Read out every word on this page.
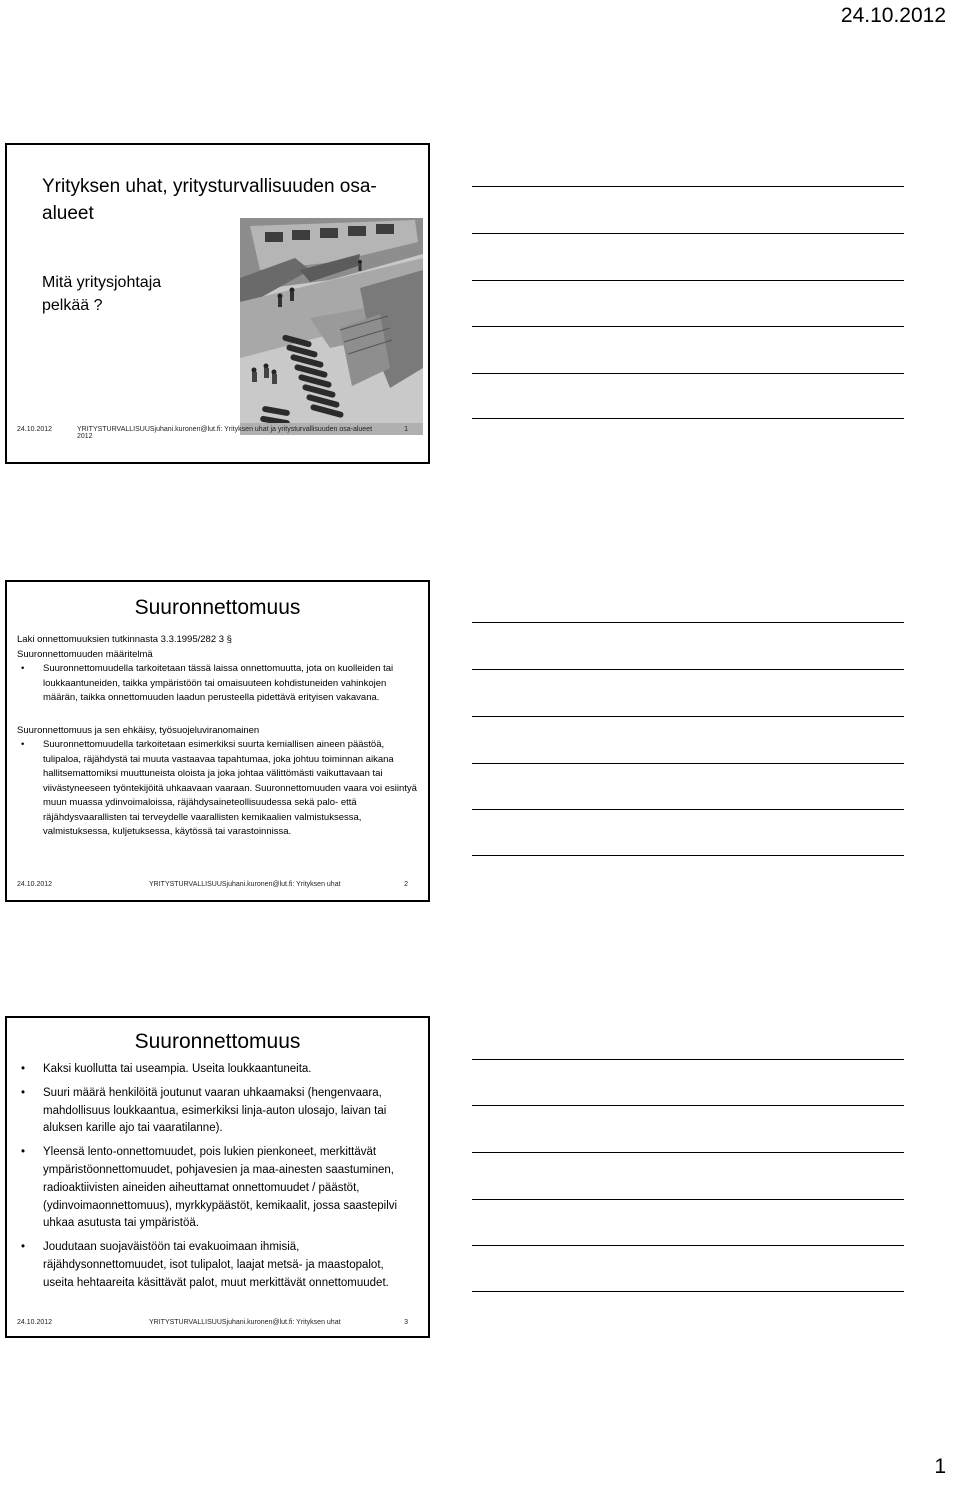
24.10.2012
Yrityksen uhat, yritysturvallisuuden osa-alueet
Mitä yritysjohtaja pelkää ?
24.10.2012	YRITYSTURVALLISUUSjuhani.kuronen@lut.fi: Yrityksen uhat ja yritysturvallisuuden osa-alueet 2012
1
Suuronnettomuus

Laki onnettomuuksien tutkinnasta 3.3.1995/282 3 §

Suuronnettomuuden määritelmä

• Suuronnettomuudella tarkoitetaan tässä laissa onnettomuutta, jota on kuolleiden tai loukkaantuneiden, taikka ympäristöön tai omaisuuteen kohdistuneiden vahinkojen määrän, taikka onnettomuuden laadun perusteella pidettävä erityisen vakavana.

Suuronnettomuus ja sen ehkäisy, työsuojeluviranomainen

• Suuronnettomuudella tarkoitetaan esimerkiksi suurta kemiallisen aineen päästöä, tulipaloa, räjähdystä tai muuta vastaavaa tapahtumaa, joka johtuu toiminnan aikana hallitsemattomiksi muuttuneista oloista ja joka johtaa välittömästi vaikuttavaan tai viivästyneeseen työntekijöitä uhkaavaan vaaraan. Suuronnettomuuden vaara voi esiintyä muun muassa ydinvoimaloissa, räjähdysaineteollisuudessa sekä palo- että räjähdysvaarallisten tai terveydelle vaarallisten kemikaalien valmistuksessa, valmistuksessa, kuljetuksessa, käytössä tai varastoinnissa.
24.10.2012	YRITYSTURVALLISUUSjuhani.kuronen@lut.fi: Yrityksen uhat	2
Suuronnettomuus
• Kaksi kuollutta tai useampia. Useita loukkaantuneita.
• Suuri määrä henkilöitä joutunut vaaran uhkaamaksi (hengenvaara, mahdollisuus loukkaantua, esimerkiksi linja-auton ulosajo, laivan tai aluksen karille ajo tai vaaratilanne).
• Yleensä lento-onnettomuudet, pois lukien pienkoneet, merkittävät ympäristöonnettomuudet, pohjavesien ja maa-ainesten saastuminen, radioaktiivisten aineiden aiheuttamat onnettomuudet / päästöt, (ydinvoimaonnettomuus), myrkkypäästöt, kemikaalit, jossa saastepilvi uhkaa asutusta tai ympäristöä.
• Joudutaan suojaväistöön tai evakuoimaan ihmisiä, räjähdysonnettomuudet, isot tulipalot, laajat metsä- ja maastopalot, useita hehtaareita käsittävät palot, muut merkittävät onnettomuudet.
24.10.2012	YRITYSTURVALLISUUSjuhani.kuronen@lut.fi: Yrityksen uhat	3
1
